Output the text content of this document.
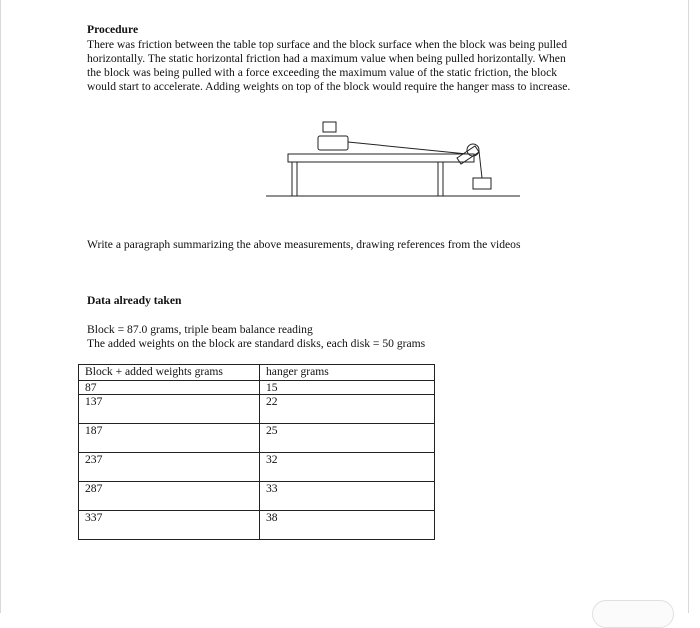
Procedure
There was friction between the table top surface and the block surface when the block was being pulled
horizontally. The static horizontal friction had a maximum value when being pulled horizontally. When
the block was being pulled with a force exceeding the maximum value of the static friction, the block
would start to accelerate. Adding weights on top of the block would require the hanger mass to increase.
Write a paragraph summarizing the above measurements, drawing references from the videos
Data already taken
Block = 87.0 grams, triple beam balance reading
The added weights on the block are standard disks, each disk = 50 grams
Block + added weights grams	hanger grams
87	15
137	22
187	25
237	32
287	33
337	38
